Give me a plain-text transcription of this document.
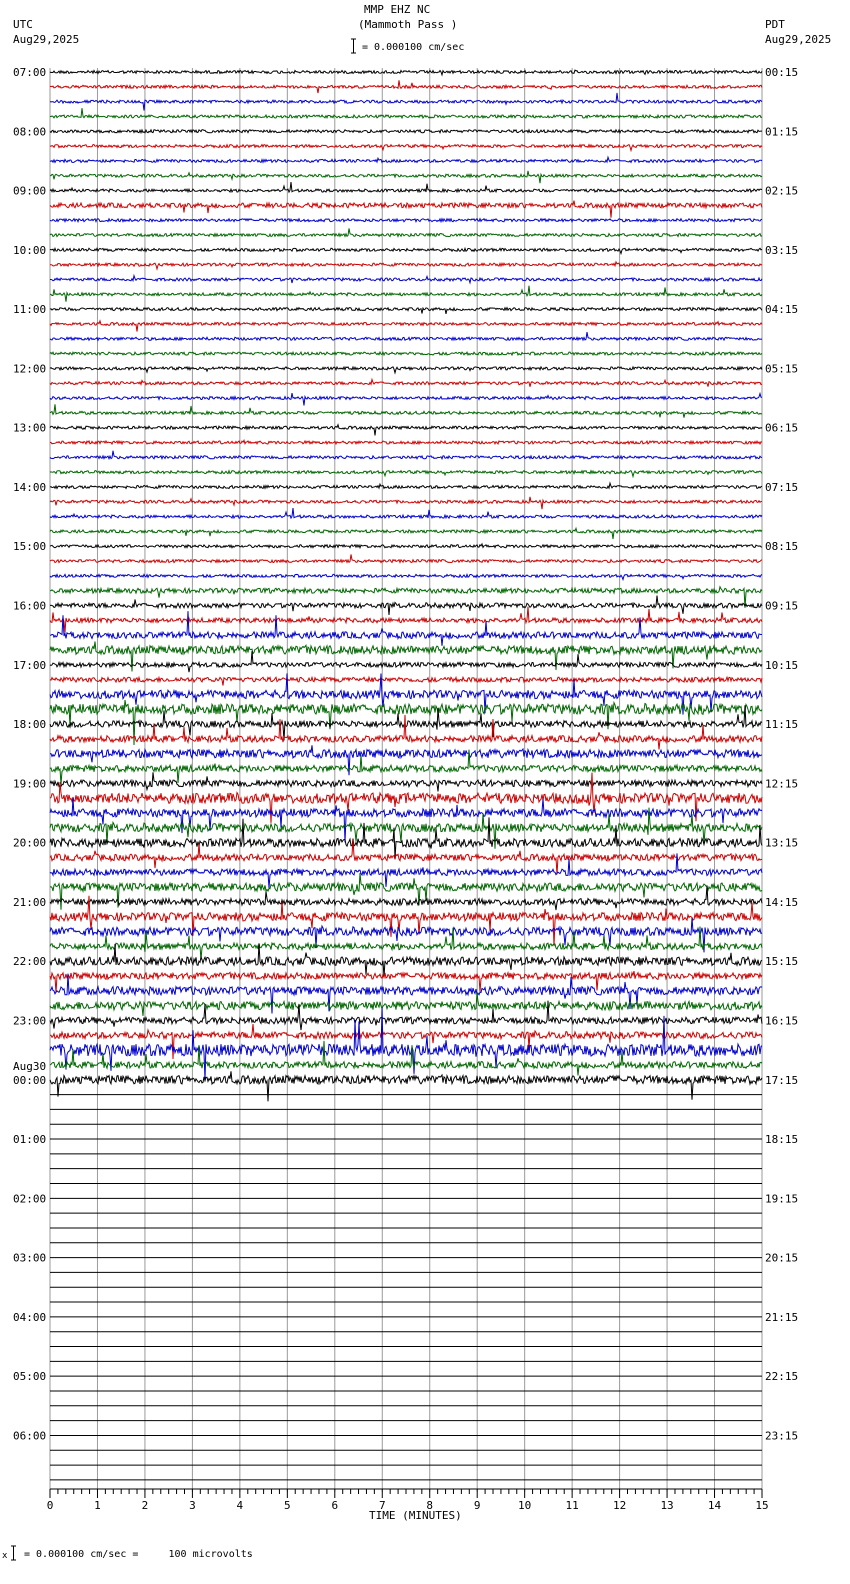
MMP EHZ NC
(Mammoth Pass )
UTC
Aug29,2025
PDT
Aug29,2025
= 0.000100 cm/sec
07:00
08:00
09:00
10:00
11:00
12:00
13:00
14:00
15:00
16:00
17:00
18:00
19:00
20:00
21:00
22:00
23:00
00:00
01:00
02:00
03:00
04:00
05:00
06:00
00:15
01:15
02:15
03:15
04:15
05:15
06:15
07:15
08:15
09:15
10:15
11:15
12:15
13:15
14:15
15:15
16:15
17:15
18:15
19:15
20:15
21:15
22:15
23:15
Aug30
0	1	2	3	4	5	6	7	8	9	10	11	12	13	14	15
TIME (MINUTES)
x = 0.000100 cm/sec =     100 microvolts
